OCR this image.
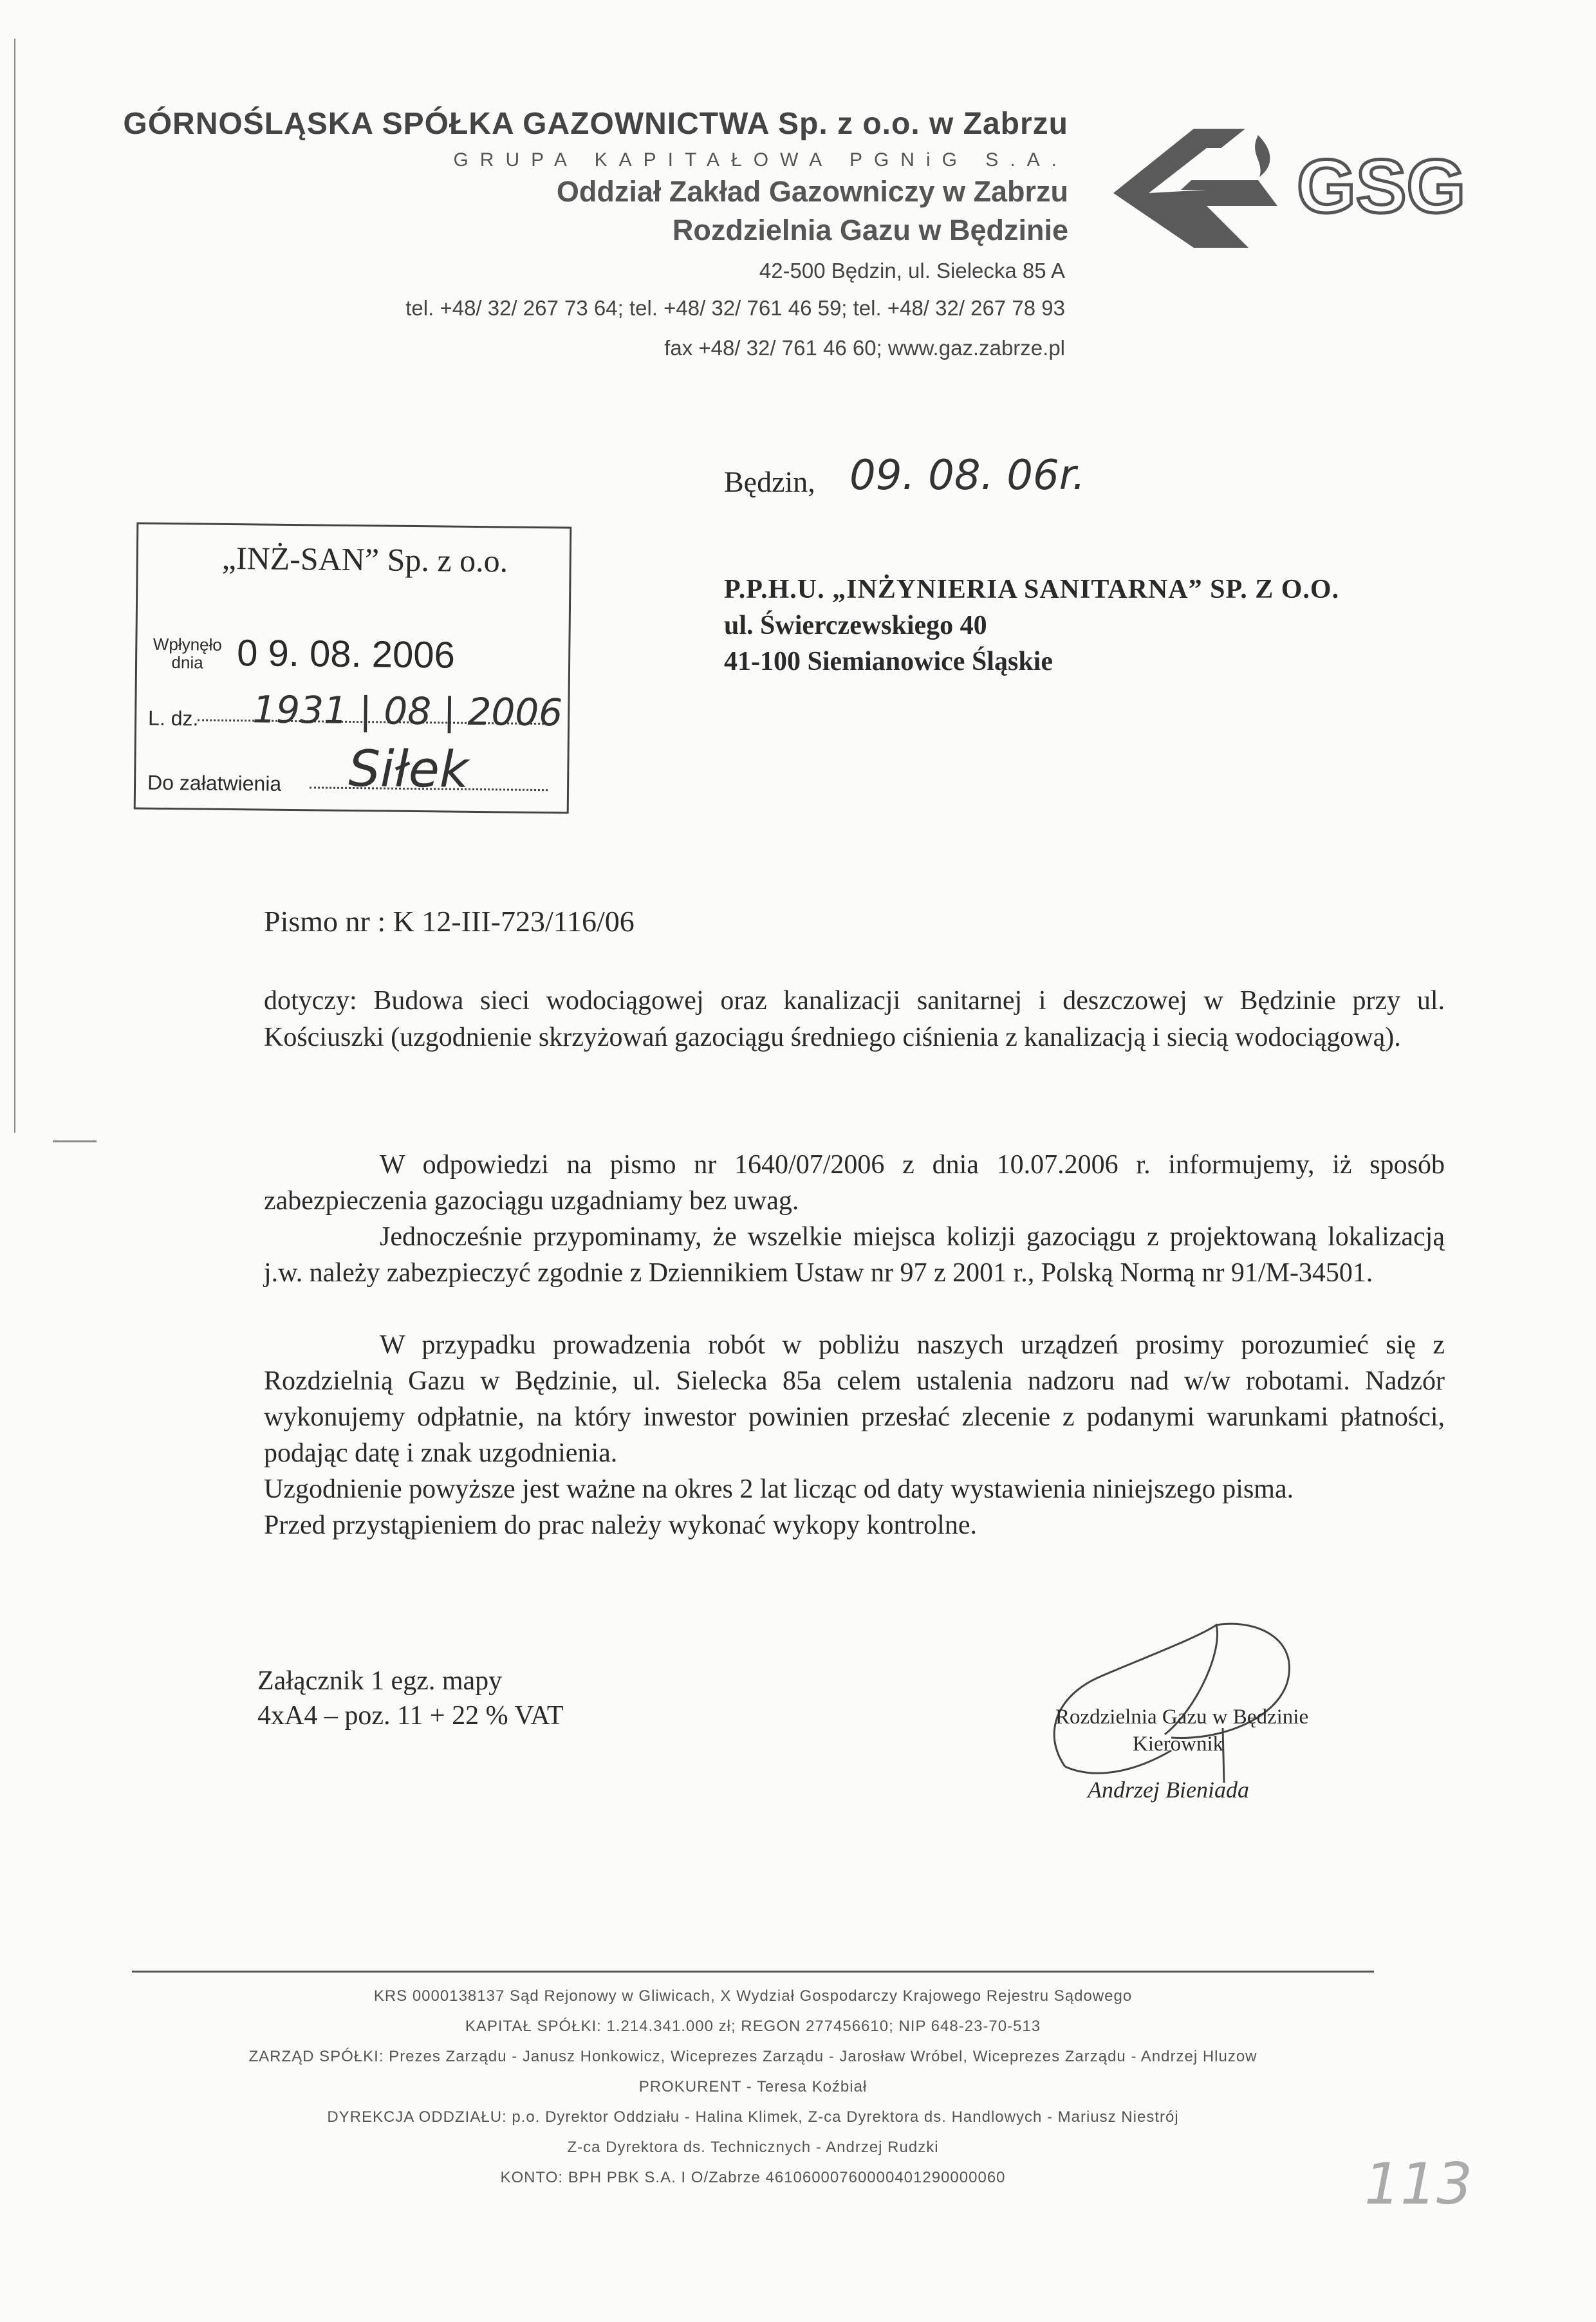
GÓRNOŚLĄSKA SPÓŁKA GAZOWNICTWA Sp. z o.o. w Zabrzu
GRUPA KAPITAŁOWA PGNiG S.A.
Oddział Zakład Gazowniczy w Zabrzu
Rozdzielnia Gazu w Będzinie
42-500 Będzin, ul. Sielecka 85 A
tel. +48/ 32/ 267 73 64; tel. +48/ 32/ 761 46 59; tel. +48/ 32/ 267 78 93
fax +48/ 32/ 761 46 60; www.gaz.zabrze.pl
GSG
Będzin, 09. 08. 06r.
„INŻ-SAN” Sp. z o.o.
Wpłynęło dnia 0 9. 08. 2006
L. dz. 1931 | 08 | 2006
Do załatwienia Siłek
P.P.H.U. „INŻYNIERIA SANITARNA” SP. Z O.O.
ul. Świerczewskiego 40
41-100 Siemianowice Śląskie
Pismo nr : K 12-III-723/116/06
dotyczy: Budowa sieci wodociągowej oraz kanalizacji sanitarnej i deszczowej w Będzinie przy ul. Kościuszki (uzgodnienie skrzyżowań gazociągu średniego ciśnienia z kanalizacją i siecią wodociągową).
W odpowiedzi na pismo nr 1640/07/2006 z dnia 10.07.2006 r. informujemy, iż sposób zabezpieczenia gazociągu uzgadniamy bez uwag.
Jednocześnie przypominamy, że wszelkie miejsca kolizji gazociągu z projektowaną lokalizacją j.w. należy zabezpieczyć zgodnie z Dziennikiem Ustaw nr 97 z 2001 r., Polską Normą nr 91/M-34501.
W przypadku prowadzenia robót w pobliżu naszych urządzeń prosimy porozumieć się z Rozdzielnią Gazu w Będzinie, ul. Sielecka 85a celem ustalenia nadzoru nad w/w robotami. Nadzór wykonujemy odpłatnie, na który inwestor powinien przesłać zlecenie z podanymi warunkami płatności, podając datę i znak uzgodnienia.
Uzgodnienie powyższe jest ważne na okres 2 lat licząc od daty wystawienia niniejszego pisma.
Przed przystąpieniem do prac należy wykonać wykopy kontrolne.
Załącznik 1 egz. mapy
4xA4 – poz. 11 + 22 % VAT	Rozdzielnia Gazu w Będzinie
Kierownik
Andrzej Bieniada
KRS 0000138137 Sąd Rejonowy w Gliwicach, X Wydział Gospodarczy Krajowego Rejestru Sądowego
KAPITAŁ SPÓŁKI: 1.214.341.000 zł; REGON 277456610; NIP 648-23-70-513
ZARZĄD SPÓŁKI: Prezes Zarządu - Janusz Honkowicz, Wiceprezes Zarządu - Jarosław Wróbel, Wiceprezes Zarządu - Andrzej Hluzow
PROKURENT - Teresa Koźbiał
DYREKCJA ODDZIAŁU: p.o. Dyrektor Oddziału - Halina Klimek, Z-ca Dyrektora ds. Handlowych - Mariusz Niestrój
Z-ca Dyrektora ds. Technicznych - Andrzej Rudzki
KONTO: BPH PBK S.A. I O/Zabrze 46106000760000401290000060	113
